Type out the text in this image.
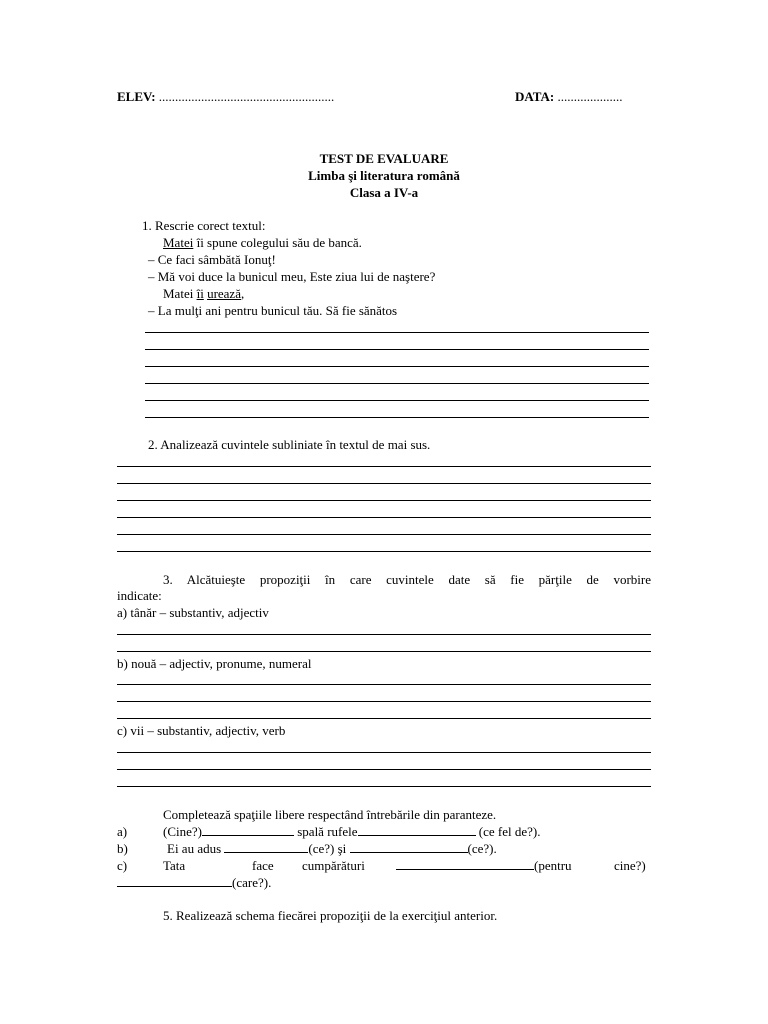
ELEV: ......................................................	DATA: ....................
TEST DE EVALUARE
Limba şi literatura română
Clasa a IV-a
1. Rescrie corect textul:
Matei îi spune colegului său de bancă.
– Ce faci sâmbătă Ionuţ!
– Mă voi duce la bunicul meu, Este ziua lui de naştere?
Matei îi urează,
– La mulţi ani pentru bunicul tău. Să fie sănătos
2. Analizează cuvintele subliniate în textul de mai sus.
3. Alcătuieşte propoziţii în care cuvintele date să fie părţile de vorbire
indicate:
a) tânăr – substantiv, adjectiv
b) nouă – adjectiv, pronume, numeral
c) vii – substantiv, adjectiv, verb
Completează spaţiile libere respectând întrebările din paranteze.
a)	(Cine?)	spală rufele	(ce fel de?).
b)	Ei au adus	(ce?) şi	(ce?).
c)	Tata	face cumpărături	(pentru	cine?)
(care?).
5. Realizează schema fiecărei propoziţii de la exerciţiul anterior.
